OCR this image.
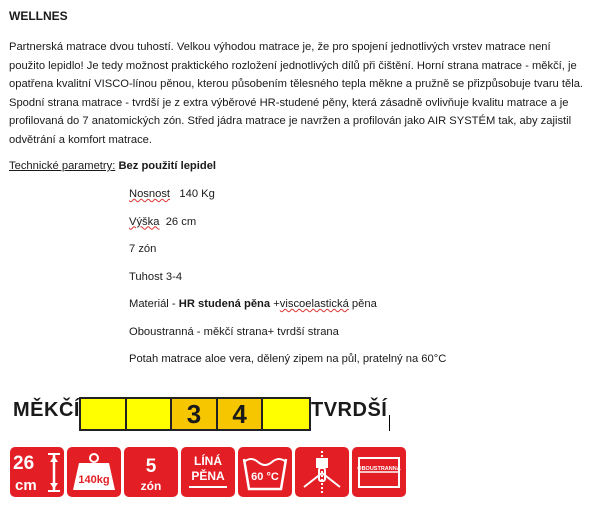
WELLNES

Partnerská matrace dvou tuhostí. Velkou výhodou matrace je, že pro spojení jednotlivých vrstev matrace není použito lepidlo! Je tedy možnost praktického rozložení jednotlivých dílů při čištění. Horní strana matrace - měkčí, je opatřena kvalitní VISCO-línou pěnou, kterou působením tělesného tepla měkne a pružně se přizpůsobuje tvaru těla. Spodní strana matrace - tvrdší je z extra výběrové HR-studené pěny, která zásadně ovlivňuje kvalitu matrace a je profilovaná do 7 anatomických zón. Střed jádra matrace je navržen a profilován jako AIR SYSTÉM tak, aby zajistil odvětrání a komfort matrace.

Technické parametry: Bez použití lepidel
Nosnost 140 Kg
Výška 26 cm
7 zón
Tuhost 3-4
Materiál - HR studená pěna +viscoelastická pěna
Oboustranná - měkčí strana+ tvrdší strana
Potah matrace aloe vera, dělený zipem na půl, pratelný na 60°C
MĚKČÍ	3	4	TVRDŠÍ
26
cm	140kg
5
zón
LÍNÁ
PĚNA 60 °C
OBOUSTRANNÁ
